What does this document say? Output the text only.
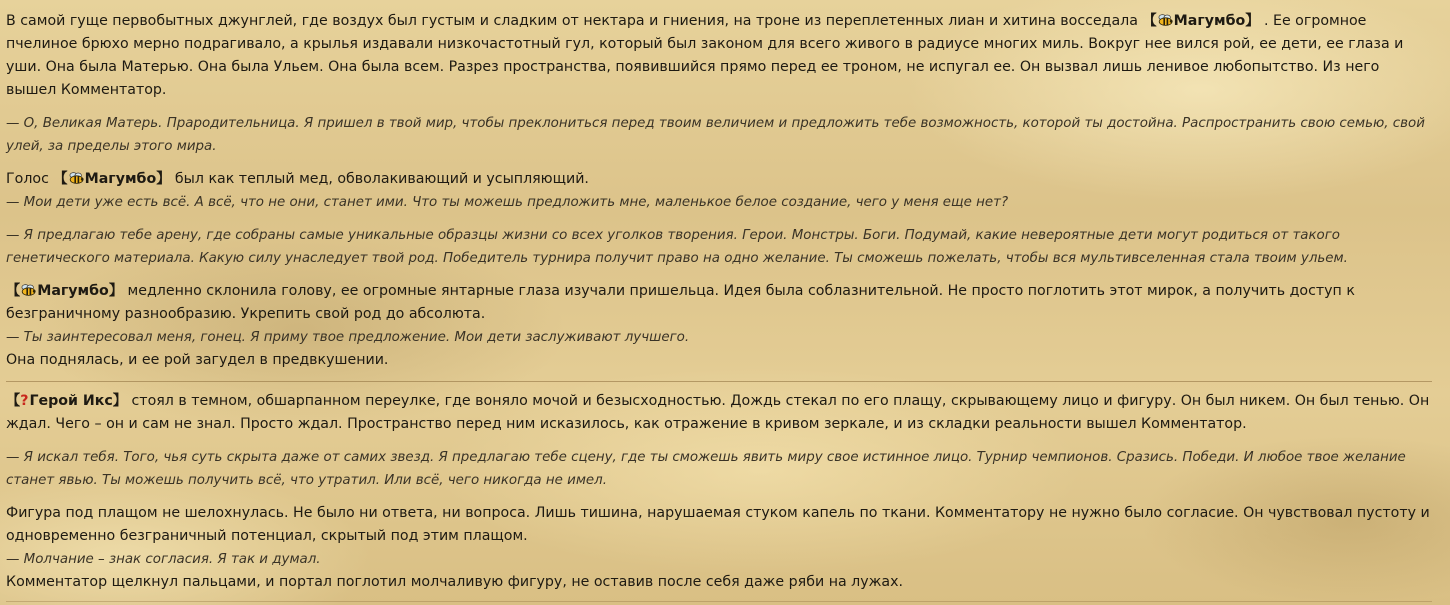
В самой гуще первобытных джунглей, где воздух был густым и сладким от нектара и гниения, на троне из переплетенных лиан и хитина восседала 【 Магумбо】 . Ее огромное пчелиное брюхо мерно подрагивало, а крылья издавали низкочастотный гул, который был законом для всего живого в радиусе многих миль. Вокруг нее вился рой, ее дети, ее глаза и уши. Она была Матерью. Она была Ульем. Она была всем. Разрез пространства, появившийся прямо перед ее троном, не испугал ее. Он вызвал лишь ленивое любопытство. Из него вышел Комментатор.

— О, Великая Матерь. Прародительница. Я пришел в твой мир, чтобы преклониться перед твоим величием и предложить тебе возможность, которой ты достойна. Распространить свою семью, свой улей, за пределы этого мира.

Голос 【 Магумбо】 был как теплый мед, обволакивающий и усыпляющий.

— Мои дети уже есть всё. А всё, что не они, станет ими. Что ты можешь предложить мне, маленькое белое создание, чего у меня еще нет?

— Я предлагаю тебе арену, где собраны самые уникальные образцы жизни со всех уголков творения. Герои. Монстры. Боги. Подумай, какие невероятные дети могут родиться от такого генетического материала. Какую силу унаследует твой род. Победитель турнира получит право на одно желание. Ты сможешь пожелать, чтобы вся мультивселенная стала твоим ульем.

【 Магумбо】 медленно склонила голову, ее огромные янтарные глаза изучали пришельца. Идея была соблазнительной. Не просто поглотить этот мирок, а получить доступ к безграничному разнообразию. Укрепить свой род до абсолюта.

— Ты заинтересовал меня, гонец. Я приму твое предложение. Мои дети заслуживают лучшего.

Она поднялась, и ее рой загудел в предвкушении.

【?Герой Икс】 стоял в темном, обшарпанном переулке, где воняло мочой и безысходностью. Дождь стекал по его плащу, скрывающему лицо и фигуру. Он был никем. Он был тенью. Он ждал. Чего – он и сам не знал. Просто ждал. Пространство перед ним исказилось, как отражение в кривом зеркале, и из складки реальности вышел Комментатор.

— Я искал тебя. Того, чья суть скрыта даже от самих звезд. Я предлагаю тебе сцену, где ты сможешь явить миру свое истинное лицо. Турнир чемпионов. Сразись. Победи. И любое твое желание станет явью. Ты можешь получить всё, что утратил. Или всё, чего никогда не имел.

Фигура под плащом не шелохнулась. Не было ни ответа, ни вопроса. Лишь тишина, нарушаемая стуком капель по ткани. Комментатору не нужно было согласие. Он чувствовал пустоту и одновременно безграничный потенциал, скрытый под этим плащом.

— Молчание – знак согласия. Я так и думал.

Комментатор щелкнул пальцами, и портал поглотил молчаливую фигуру, не оставив после себя даже ряби на лужах.
